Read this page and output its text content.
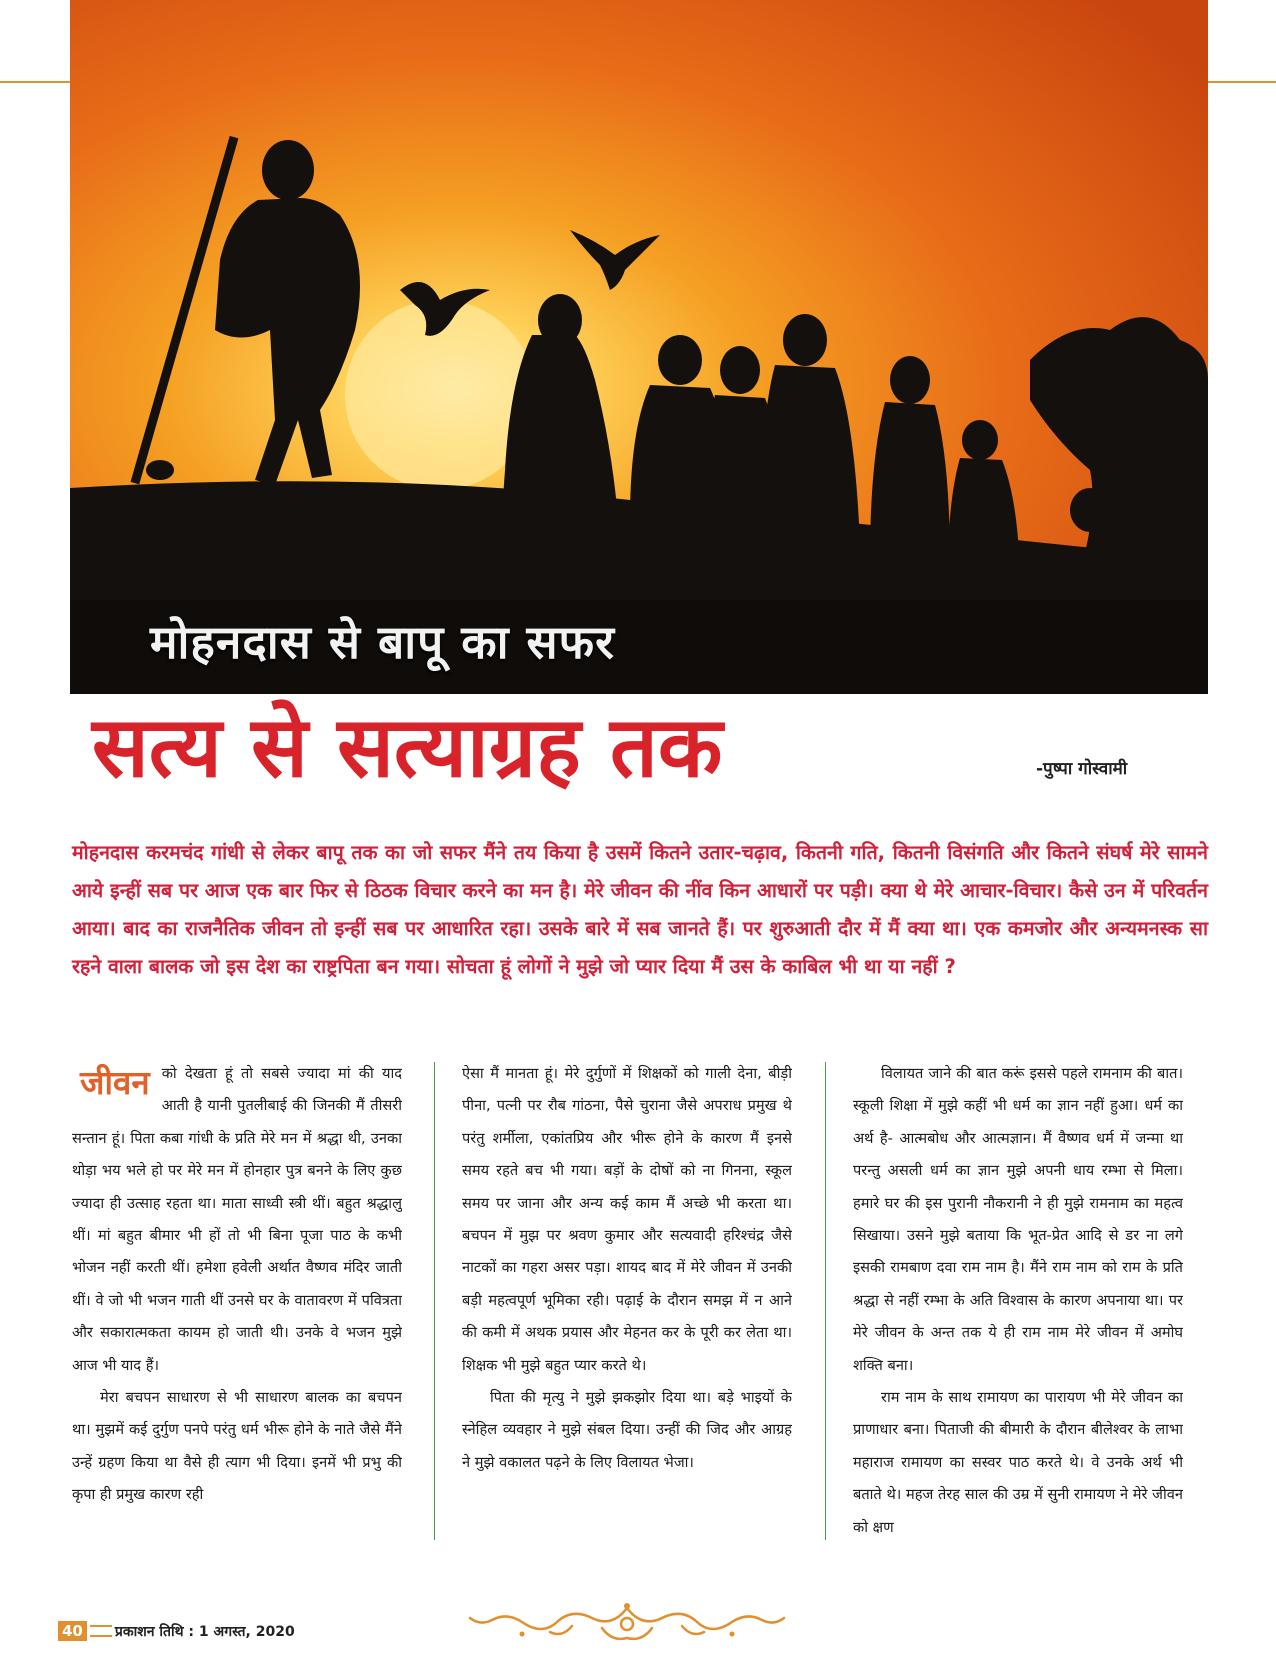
मोहनदास से बापू का सफर
सत्य से सत्याग्रह तक	-पुष्पा गोस्वामी

मोहनदास करमचंद गांधी से लेकर बापू तक का जो सफर मैंने तय किया है उसमें कितने उतार-चढ़ाव, कितनी गति, कितनी विसंगति और कितने संघर्ष मेरे सामने आये इन्हीं सब पर आज एक बार फिर से ठिठक विचार करने का मन है। मेरे जीवन की नींव किन आधारों पर पड़ी। क्या थे मेरे आचार-विचार। कैसे उन में परिवर्तन आया। बाद का राजनैतिक जीवन तो इन्हीं सब पर आधारित रहा। उसके बारे में सब जानते हैं। पर शुरुआती दौर में मैं क्या था। एक कमजोर और अन्यमनस्क सा रहने वाला बालक जो इस देश का राष्ट्रपिता बन गया। सोचता हूं लोगों ने मुझे जो प्यार दिया मैं उस के काबिल भी था या नहीं ?

जीवन को देखता हूं तो सबसे ज्यादा मां की याद आती है यानी पुतलीबाई की जिनकी मैं तीसरी सन्तान हूं। पिता कबा गांधी के प्रति मेरे मन में श्रद्धा थी, उनका थोड़ा भय भले हो पर मेरे मन में होनहार पुत्र बनने के लिए कुछ ज्यादा ही उत्साह रहता था। माता साध्वी स्त्री थीं। बहुत श्रद्धालु थीं। मां बहुत बीमार भी हों तो भी बिना पूजा पाठ के कभी भोजन नहीं करती थीं। हमेशा हवेली अर्थात वैष्णव मंदिर जाती थीं। वे जो भी भजन गाती थीं उनसे घर के वातावरण में पवित्रता और सकारात्मकता कायम हो जाती थी। उनके वे भजन मुझे आज भी याद हैं।

मेरा बचपन साधारण से भी साधारण बालक का बचपन था। मुझमें कई दुर्गुण पनपे परंतु धर्म भीरू होने के नाते जैसे मैंने उन्हें ग्रहण किया था वैसे ही त्याग भी दिया। इनमें भी प्रभु की कृपा ही प्रमुख कारण रही

ऐसा मैं मानता हूं। मेरे दुर्गुणों में शिक्षकों को गाली देना, बीड़ी पीना, पत्नी पर रौब गांठना, पैसे चुराना जैसे अपराध प्रमुख थे परंतु शर्मीला, एकांतप्रिय और भीरू होने के कारण मैं इनसे समय रहते बच भी गया। बड़ों के दोषों को ना गिनना, स्कूल समय पर जाना और अन्य कई काम मैं अच्छे भी करता था। बचपन में मुझ पर श्रवण कुमार और सत्यवादी हरिश्चंद्र जैसे नाटकों का गहरा असर पड़ा। शायद बाद में मेरे जीवन में उनकी बड़ी महत्वपूर्ण भूमिका रही। पढ़ाई के दौरान समझ में न आने की कमी में अथक प्रयास और मेहनत कर के पूरी कर लेता था। शिक्षक भी मुझे बहुत प्यार करते थे।

पिता की मृत्यु ने मुझे झकझोर दिया था। बड़े भाइयों के स्नेहिल व्यवहार ने मुझे संबल दिया। उन्हीं की जिद और आग्रह ने मुझे वकालत पढ़ने के लिए विलायत भेजा।

विलायत जाने की बात करूं इससे पहले रामनाम की बात। स्कूली शिक्षा में मुझे कहीं भी धर्म का ज्ञान नहीं हुआ। धर्म का अर्थ है- आत्मबोध और आत्मज्ञान। मैं वैष्णव धर्म में जन्मा था परन्तु असली धर्म का ज्ञान मुझे अपनी धाय रम्भा से मिला। हमारे घर की इस पुरानी नौकरानी ने ही मुझे रामनाम का महत्व सिखाया। उसने मुझे बताया कि भूत-प्रेत आदि से डर ना लगे इसकी रामबाण दवा राम नाम है। मैंने राम नाम को राम के प्रति श्रद्धा से नहीं रम्भा के अति विश्वास के कारण अपनाया था। पर मेरे जीवन के अन्त तक ये ही राम नाम मेरे जीवन में अमोघ शक्ति बना।

राम नाम के साथ रामायण का पारायण भी मेरे जीवन का प्राणाधार बना। पिताजी की बीमारी के दौरान बीलेश्वर के लाभा महाराज रामायण का सस्वर पाठ करते थे। वे उनके अर्थ भी बताते थे। महज तेरह साल की उम्र में सुनी रामायण ने मेरे जीवन को क्षण

40 प्रकाशन तिथि : 1 अगस्त, 2020
